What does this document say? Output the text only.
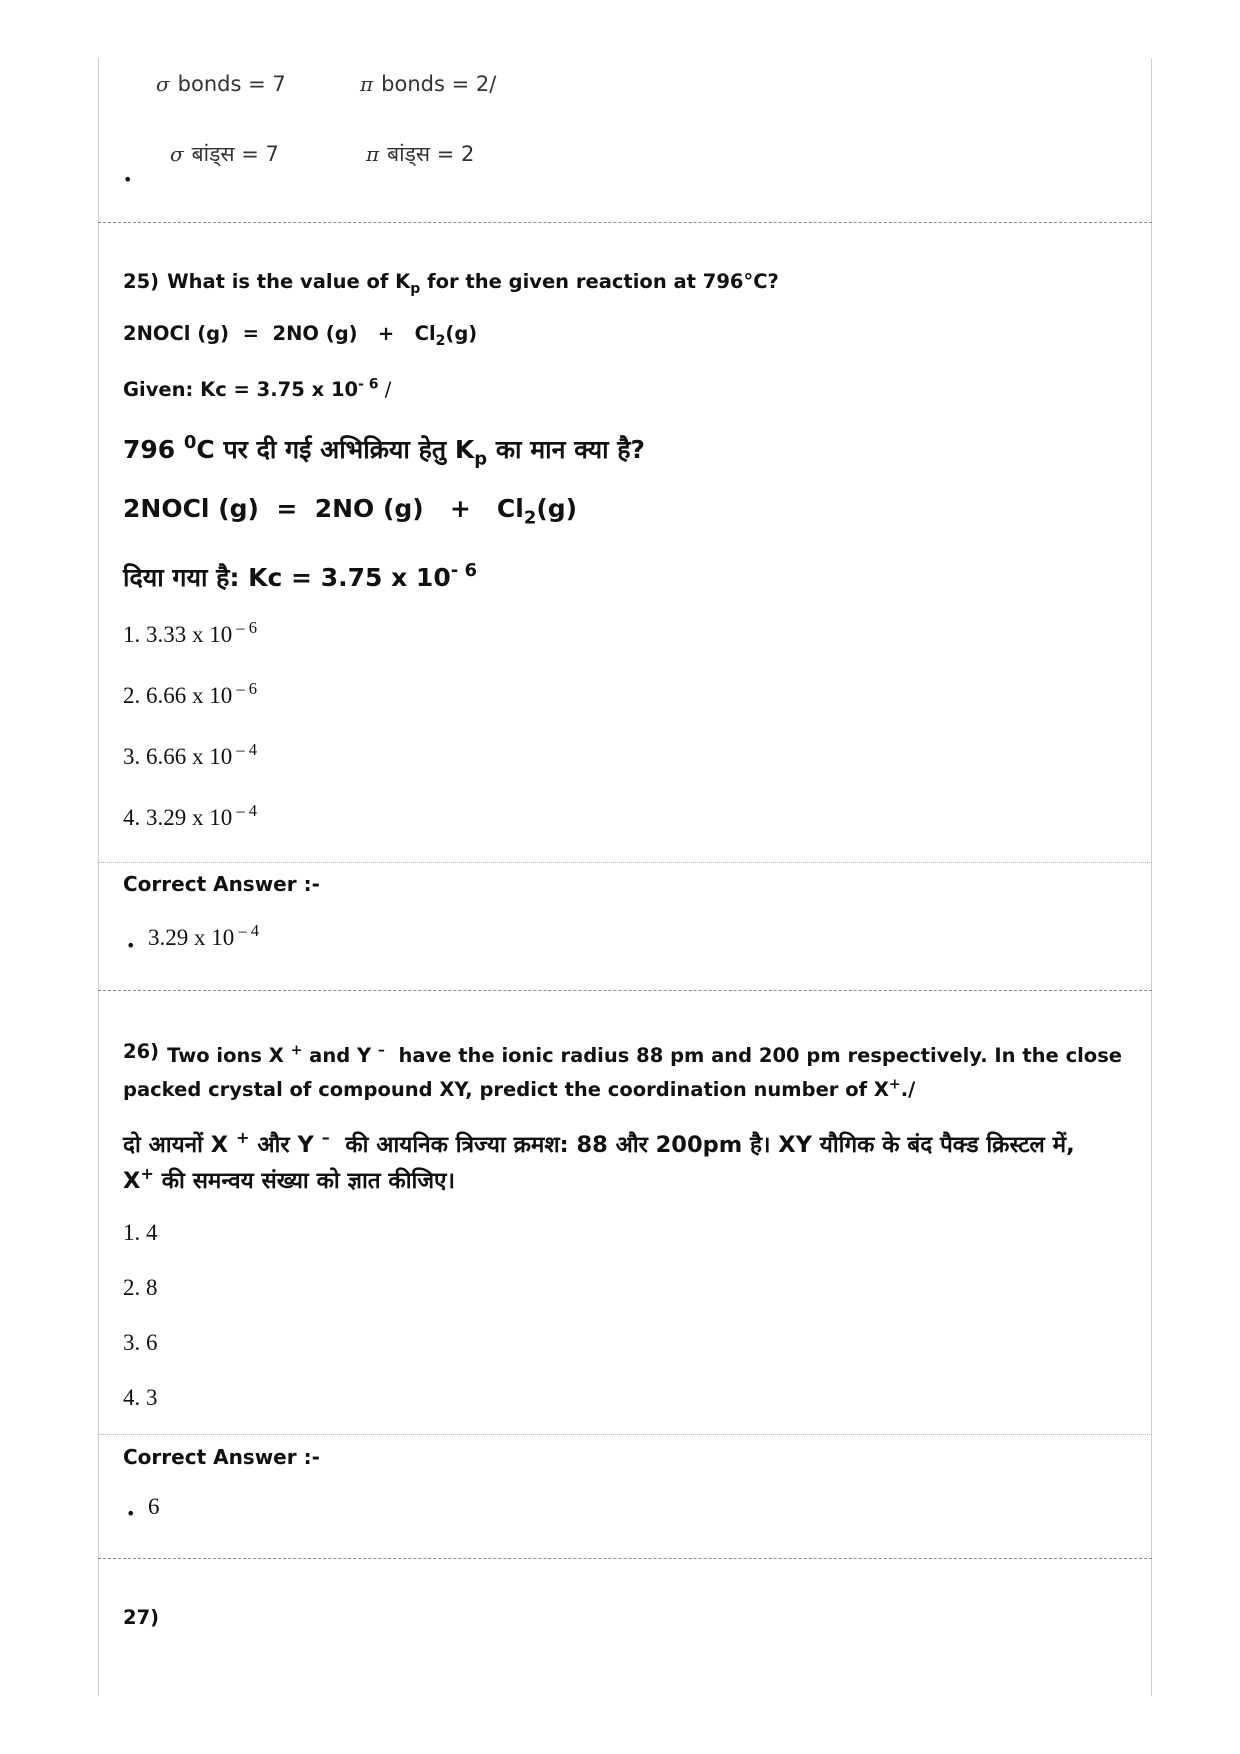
σ bonds = 7	π bonds = 2/
σ बांड्स = 7	π बांड्स = 2
•
25) What is the value of $K_p$ for the given reaction at 796°C?
2NOCl (g)  =  2NO $(g) + Cl_2(g)$
Given: Kc = 3.75 x $10^{- 6}$ /
796 $^0$C पर दी गई अभिक्रिया हेतु $K_p$ का मान क्या है?
2NOCl (g)  =  2NO $(g) + Cl_2(g)$
दिया गया है: Kc = 3.75 x $10^{- 6}$
1. 3.33 x 10 $^{- 6}$
2. 6.66 x 10 $^{- 6}$
3. 6.66 x 10 $^{- 4}$
4. 3.29 x 10 $^{- 4}$
Correct Answer :-
• 3.29 x 10 $^{- 4}$
26) Two ions X + and Y –  have the ionic radius 88 pm and 200 pm respectively. In the close
packed crystal of compound XY, predict the coordination number of X+./
दो आयनों X + और Y –  की आयनिक त्रिज्या क्रमश: 88 और 200pm है। XY यौगिक के बंद पैक्ड क्रिस्टल में,
X+ की समन्वय संख्या को ज्ञात कीजिए।
1. 4
2. 8
3. 6
4. 3
Correct Answer :-
• 6
27)
